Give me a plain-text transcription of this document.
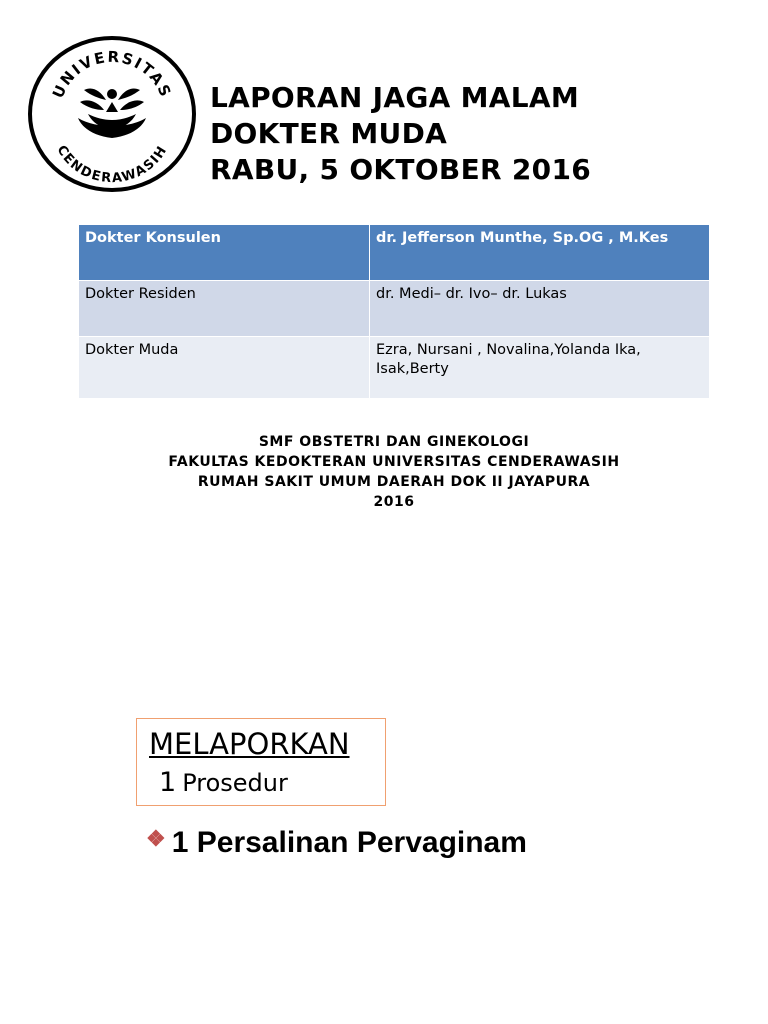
UNIVERSITAS
CENDERAWASIH
LAPORAN JAGA MALAM
DOKTER MUDA
RABU, 5 OKTOBER 2016
Dokter Konsulen	dr. Jefferson Munthe, Sp.OG , M.Kes
Dokter Residen	dr. Medi– dr. Ivo– dr. Lukas
Dokter Muda	Ezra, Nursani , Novalina,Yolanda Ika, Isak,Berty
SMF OBSTETRI DAN GINEKOLOGI
FAKULTAS KEDOKTERAN UNIVERSITAS CENDERAWASIH
RUMAH SAKIT UMUM DAERAH DOK II JAYAPURA
2016
MELAPORKAN
1 Prosedur
❖ 1 Persalinan Pervaginam
